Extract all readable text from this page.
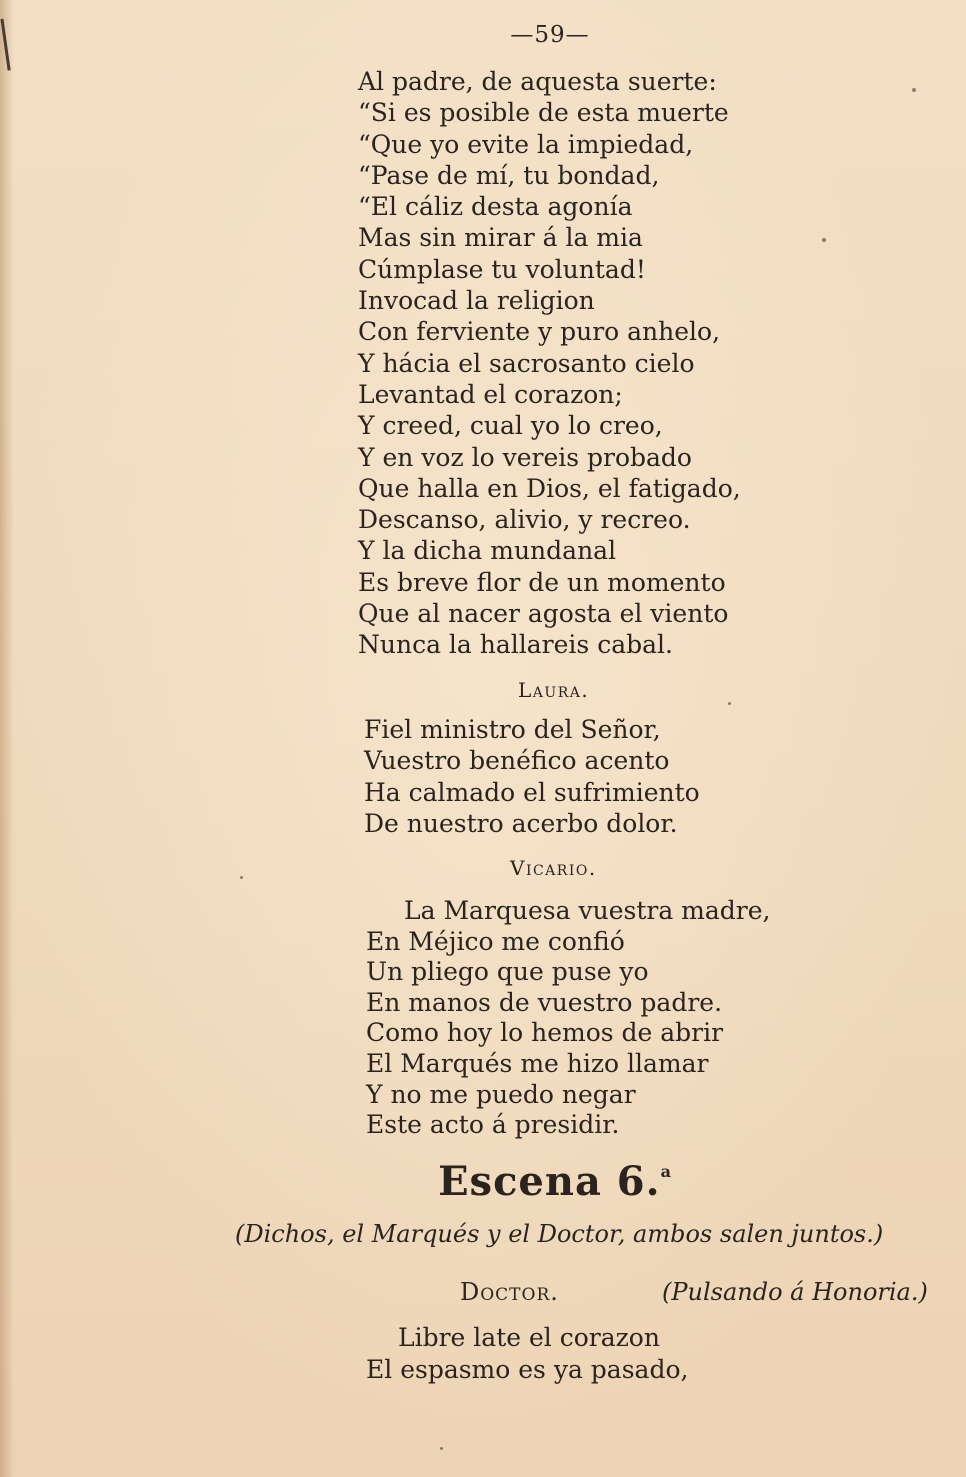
—59—
Al padre, de aquesta suerte:
“Si es posible de esta muerte
“Que yo evite la impiedad,
“Pase de mí, tu bondad,
“El cáliz desta agonía
Mas sin mirar á la mia
Cúmplase tu voluntad!
Invocad la religion
Con ferviente y puro anhelo,
Y hácia el sacrosanto cielo
Levantad el corazon;
Y creed, cual yo lo creo,
Y en voz lo vereis probado
Que halla en Dios, el fatigado,
Descanso, alivio, y recreo.
Y la dicha mundanal
Es breve flor de un momento
Que al nacer agosta el viento
Nunca la hallareis cabal.
Laura.
Fiel ministro del Señor,
Vuestro benéfico acento
Ha calmado el sufrimiento
De nuestro acerbo dolor.
Vicario.
La Marquesa vuestra madre,
En Méjico me confió
Un pliego que puse yo
En manos de vuestro padre.
Como hoy lo hemos de abrir
El Marqués me hizo llamar
Y no me puedo negar
Este acto á presidir.
Escena 6.$^a$
(Dichos, el Marqués y el Doctor, ambos salen juntos.)
Doctor.	(Pulsando á Honoria.)
Libre late el corazon
El espasmo es ya pasado,
